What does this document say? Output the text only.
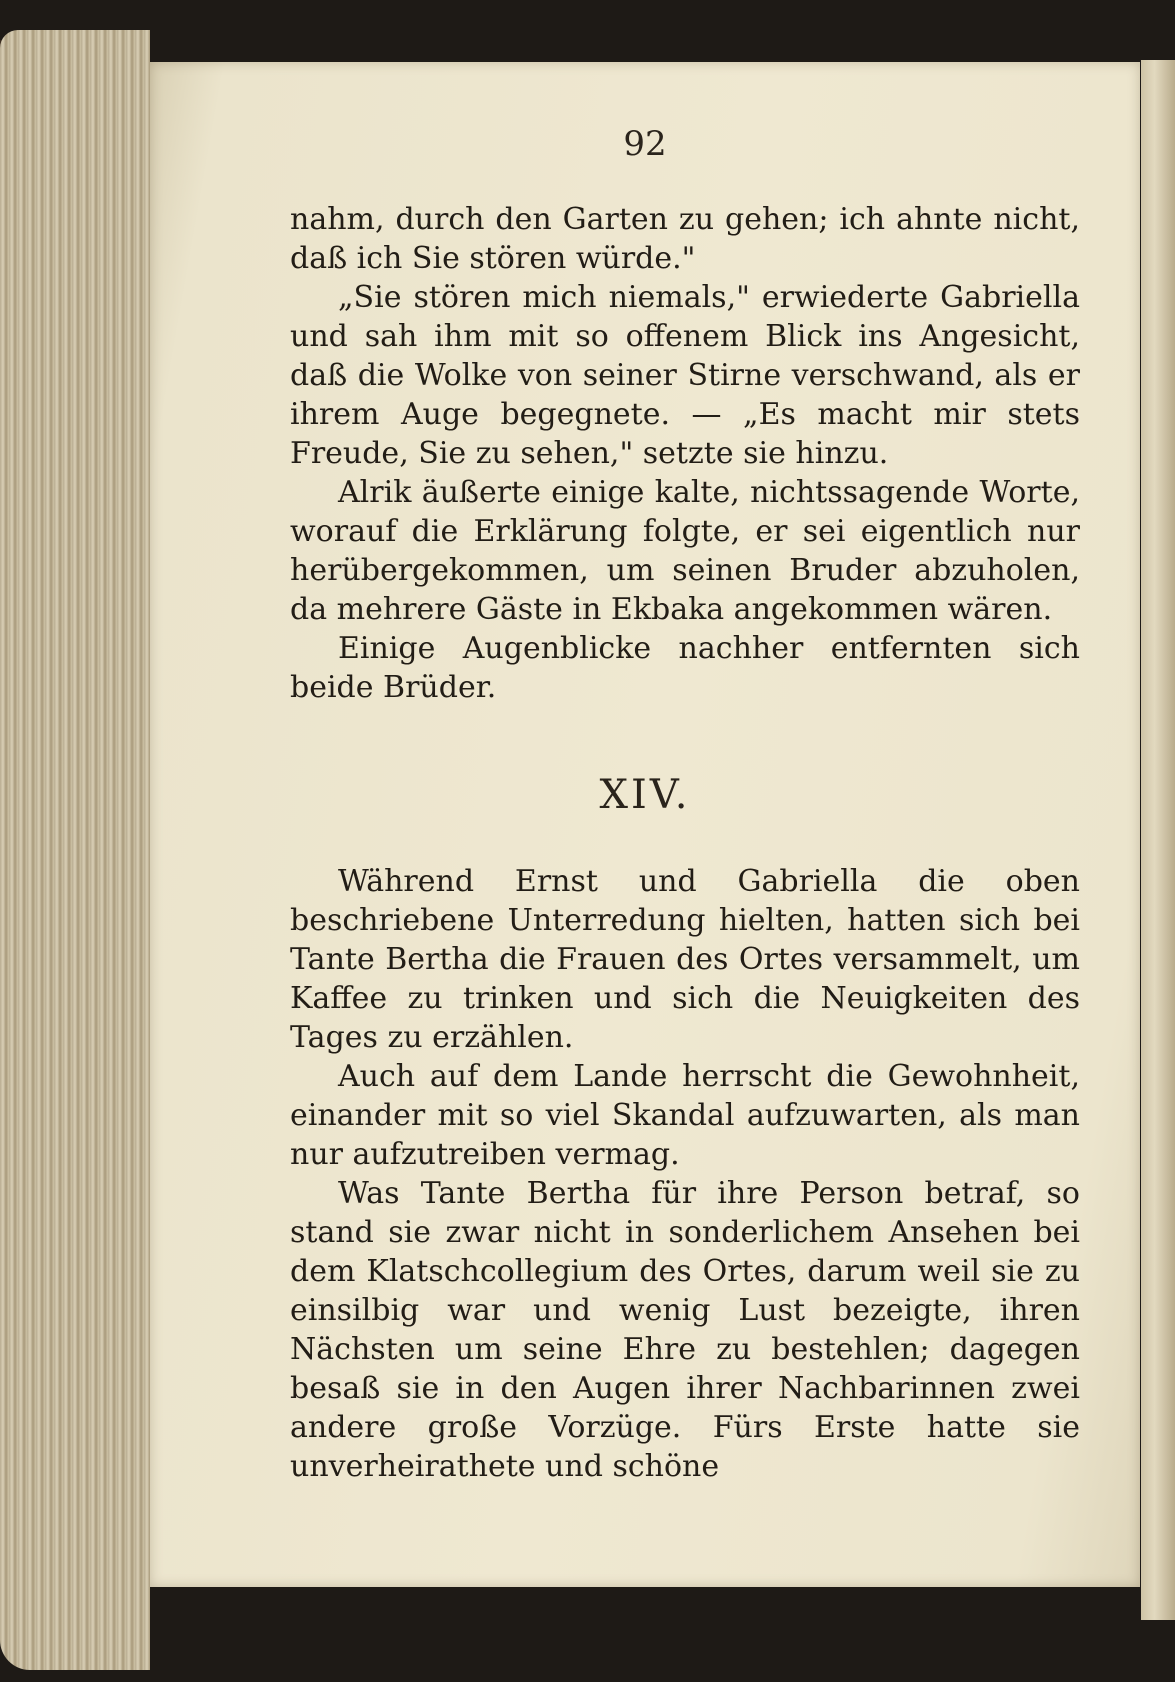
92

nahm, durch den Garten zu gehen; ich ahnte nicht, daß ich Sie stören würde."

„Sie stören mich niemals," erwiederte Gabriella und sah ihm mit so offenem Blick ins Angesicht, daß die Wolke von seiner Stirne verschwand, als er ihrem Auge begegnete. — „Es macht mir stets Freude, Sie zu sehen," setzte sie hinzu.

Alrik äußerte einige kalte, nichtssagende Worte, worauf die Erklärung folgte, er sei eigentlich nur herübergekommen, um seinen Bruder abzuholen, da mehrere Gäste in Ekbaka angekommen wären.

Einige Augenblicke nachher entfernten sich beide Brüder.

XIV.

Während Ernst und Gabriella die oben beschriebene Unterredung hielten, hatten sich bei Tante Bertha die Frauen des Ortes versammelt, um Kaffee zu trinken und sich die Neuigkeiten des Tages zu erzählen.

Auch auf dem Lande herrscht die Gewohnheit, einander mit so viel Skandal aufzuwarten, als man nur aufzutreiben vermag.

Was Tante Bertha für ihre Person betraf, so stand sie zwar nicht in sonderlichem Ansehen bei dem Klatschcollegium des Ortes, darum weil sie zu einsilbig war und wenig Lust bezeigte, ihren Nächsten um seine Ehre zu bestehlen; dagegen besaß sie in den Augen ihrer Nachbarinnen zwei andere große Vorzüge. Fürs Erste hatte sie unverheirathete und schöne
